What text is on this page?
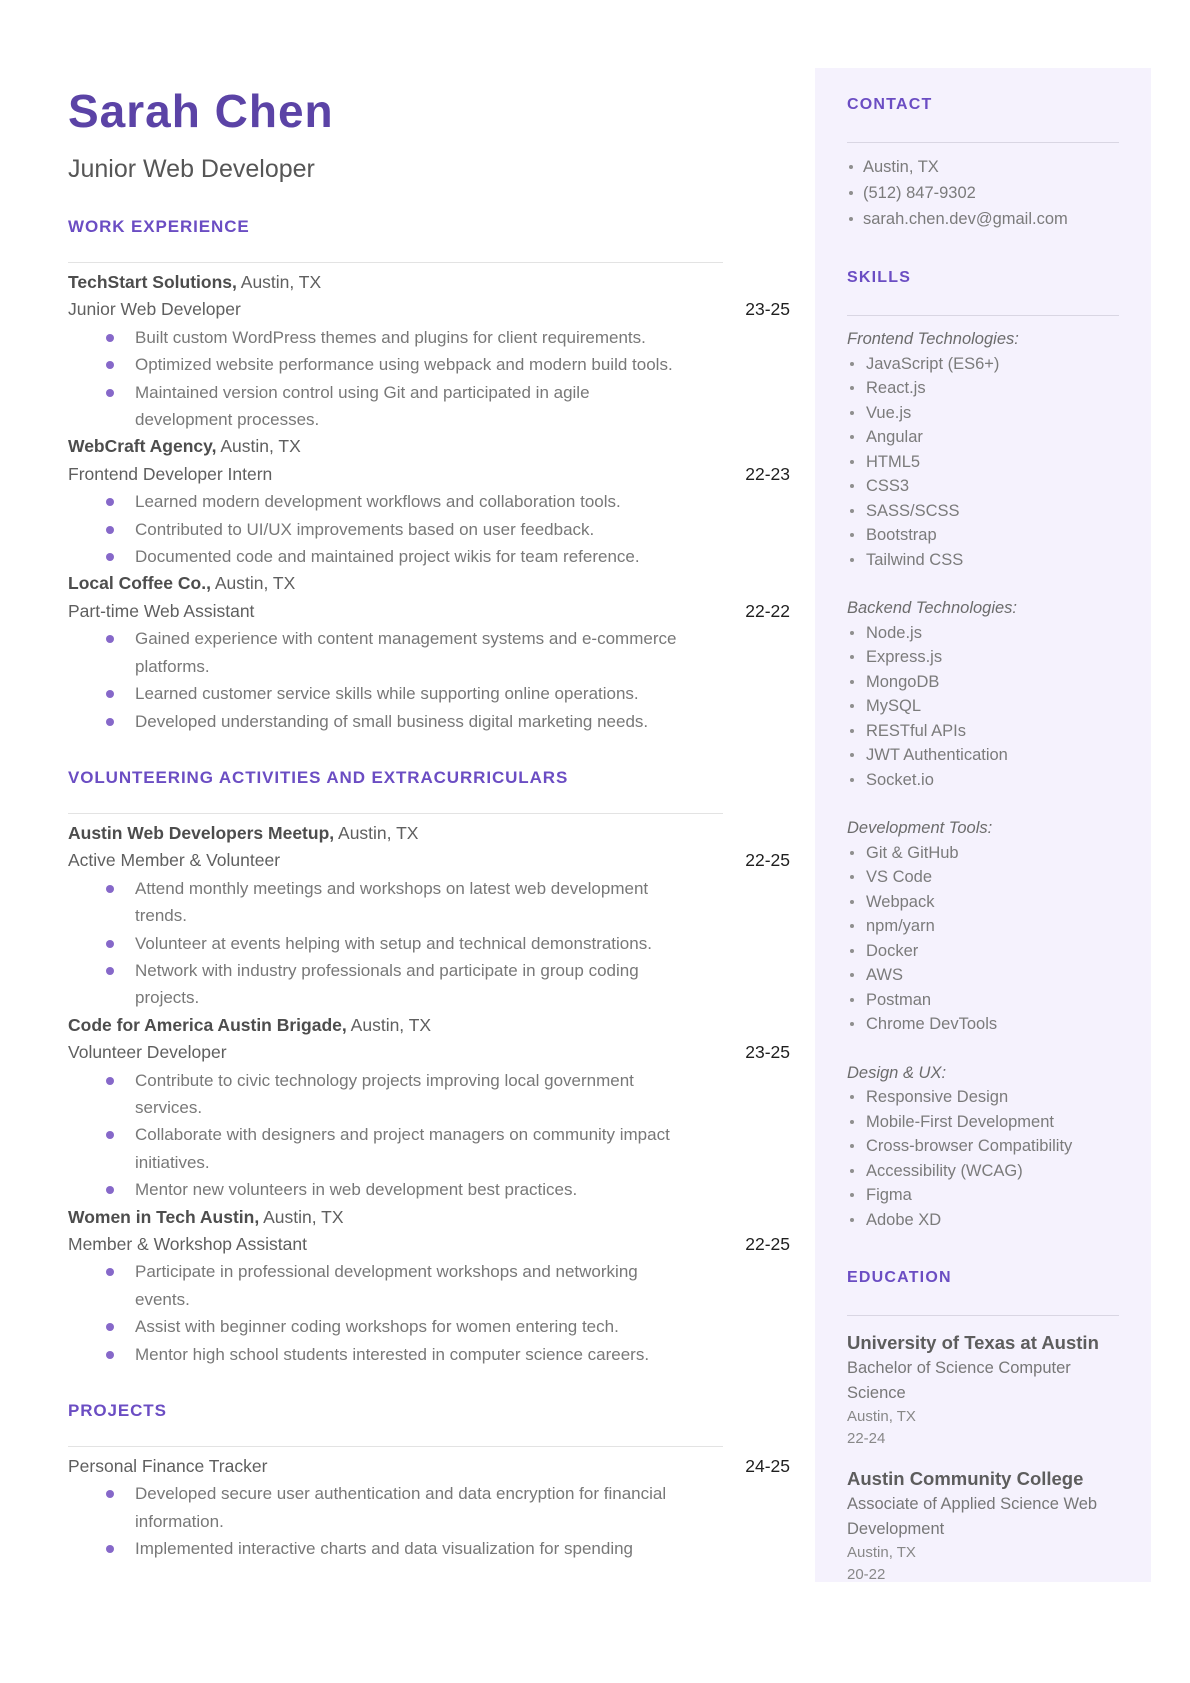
Sarah Chen
Junior Web Developer
WORK EXPERIENCE
TechStart Solutions, Austin, TX
Junior Web Developer	23-25
Built custom WordPress themes and plugins for client requirements.
Optimized website performance using webpack and modern build tools.
Maintained version control using Git and participated in agile development processes.
WebCraft Agency, Austin, TX
Frontend Developer Intern	22-23
Learned modern development workflows and collaboration tools.
Contributed to UI/UX improvements based on user feedback.
Documented code and maintained project wikis for team reference.
Local Coffee Co., Austin, TX
Part-time Web Assistant	22-22
Gained experience with content management systems and e-commerce platforms.
Learned customer service skills while supporting online operations.
Developed understanding of small business digital marketing needs.
VOLUNTEERING ACTIVITIES AND EXTRACURRICULARS
Austin Web Developers Meetup, Austin, TX
Active Member & Volunteer	22-25
Attend monthly meetings and workshops on latest web development trends.
Volunteer at events helping with setup and technical demonstrations.
Network with industry professionals and participate in group coding projects.
Code for America Austin Brigade, Austin, TX
Volunteer Developer	23-25
Contribute to civic technology projects improving local government services.
Collaborate with designers and project managers on community impact initiatives.
Mentor new volunteers in web development best practices.
Women in Tech Austin, Austin, TX
Member & Workshop Assistant	22-25
Participate in professional development workshops and networking events.
Assist with beginner coding workshops for women entering tech.
Mentor high school students interested in computer science careers.
PROJECTS
Personal Finance Tracker	24-25
Developed secure user authentication and data encryption for financial information.
Implemented interactive charts and data visualization for spending
CONTACT
Austin, TX
(512) 847-9302
sarah.chen.dev@gmail.com
SKILLS
Frontend Technologies:
JavaScript (ES6+)
React.js
Vue.js
Angular
HTML5
CSS3
SASS/SCSS
Bootstrap
Tailwind CSS
Backend Technologies:
Node.js
Express.js
MongoDB
MySQL
RESTful APIs
JWT Authentication
Socket.io
Development Tools:
Git & GitHub
VS Code
Webpack
npm/yarn
Docker
AWS
Postman
Chrome DevTools
Design & UX:
Responsive Design
Mobile-First Development
Cross-browser Compatibility
Accessibility (WCAG)
Figma
Adobe XD
EDUCATION
University of Texas at Austin
Bachelor of Science Computer Science
Austin, TX
22-24
Austin Community College
Associate of Applied Science Web Development
Austin, TX
20-22
